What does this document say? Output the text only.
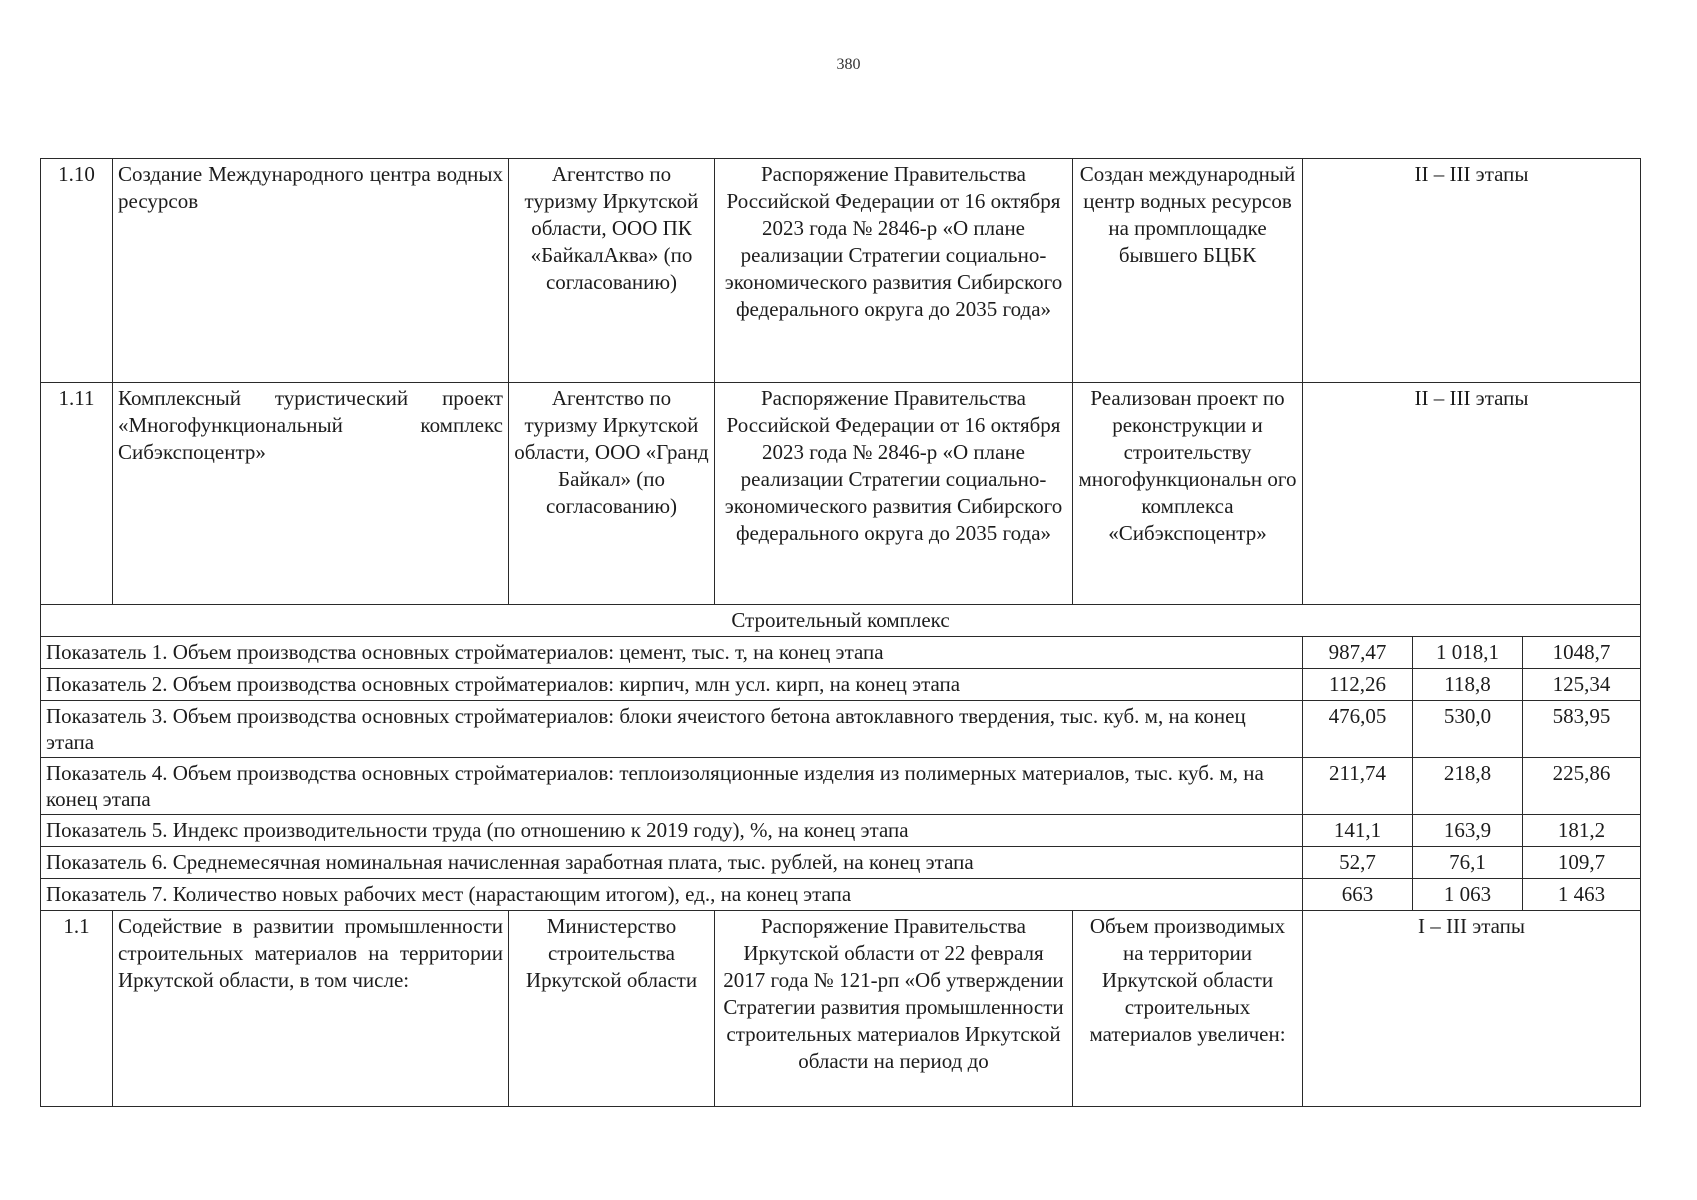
380
1.10	Создание Международного центра водных ресурсов	Агентство по туризму Иркутской области, ООО ПК «БайкалАква» (по согласованию)	Распоряжение Правительства Российской Федерации от 16 октября 2023 года № 2846-р «О плане реализации Стратегии социально-экономического развития Сибирского федерального округа до 2035 года»	Создан международный центр водных ресурсов на промплощадке бывшего БЦБК	II – III этапы		
1.11	Комплексный туристический проект «Многофункциональный комплекс Сибэкспоцентр»	Агентство по туризму Иркутской области, ООО «Гранд Байкал» (по согласованию)	Распоряжение Правительства Российской Федерации от 16 октября 2023 года № 2846-р «О плане реализации Стратегии социально-экономического развития Сибирского федерального округа до 2035 года»	Реализован проект по реконструкции и строительству многофункциональн ого комплекса «Сибэкспоцентр»	II – III этапы		
Строительный комплекс							
Показатель 1. Объем производства основных стройматериалов: цемент, тыс. т, на конец этапа					987,47	1 018,1	1048,7
Показатель 2. Объем производства основных стройматериалов: кирпич, млн усл. кирп, на конец этапа					112,26	118,8	125,34
Показатель 3. Объем производства основных стройматериалов: блоки ячеистого бетона автоклавного твердения, тыс. куб. м, на конец этапа					476,05	530,0	583,95
Показатель 4. Объем производства основных стройматериалов: теплоизоляционные изделия из полимерных материалов, тыс. куб. м, на конец этапа					211,74	218,8	225,86
Показатель 5. Индекс производительности труда (по отношению к 2019 году), %, на конец этапа					141,1	163,9	181,2
Показатель 6. Среднемесячная номинальная начисленная заработная плата, тыс. рублей, на конец этапа					52,7	76,1	109,7
Показатель 7. Количество новых рабочих мест (нарастающим итогом), ед., на конец этапа					663	1 063	1 463
1.1	Содействие в развитии промышленности строительных материалов на территории Иркутской области, в том числе:	Министерство строительства Иркутской области	Распоряжение Правительства Иркутской области от 22 февраля 2017 года № 121-рп «Об утверждении Стратегии развития промышленности строительных материалов Иркутской области на период до	Объем производимых на территории Иркутской области строительных материалов увеличен:	I – III этапы		
